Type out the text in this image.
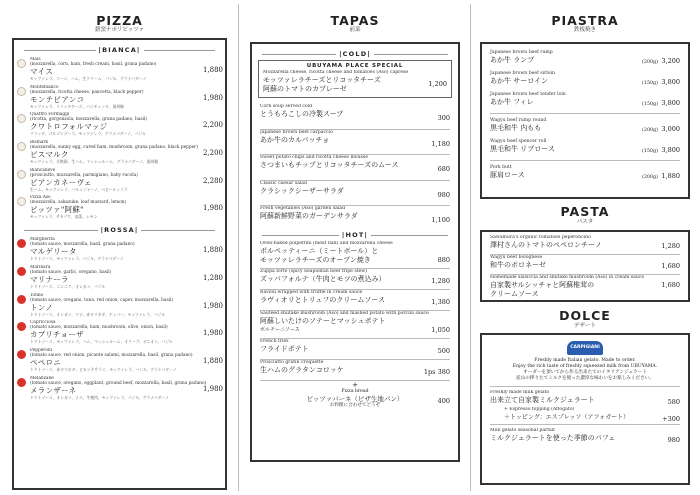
PIZZA
薪窯ナポリピッツァ
|BIANCA|
Mais
(mozzarella, corn, ham, fresh cream, basil, grana padano)
マイス
モッツァレラ、コーン、ハム、生クリーム、バジル、グラナパダーノ
1,880
Montebianco
(mozzarella, ricotta cheese, pancetta, black pepper)
モンテビアンコ
モッツァレラ、リコッタチーズ、パンチェッタ、黒胡椒
1,980
Quattro Formaggi
(ricotta, gorgonzola, mozzarella, grana padano, basil)
クワトロフォルマッジ
リコッタ、ゴルゴンゾーラ、モッツァレラ、グラナパダーノ、バジル
2,200
Bismark
(mozzarella, sunny egg, cured ham, mushroom, grana padano, black pepper)
ビスマルク
モッツァレラ、半熟卵、生ハム、マッシュルーム、グラナパダーノ、黒胡椒
2,200
Biancaneve
(prosciutto, mozzarella, parmigiano, baby rucola)
ビアンカネーヴェ
生ハム、モッツァレラ、パルミジャーノ、ベビールッコラ
2,280
Pizza Aso
(mozzarella, sakazuke, leaf mustard, lemon)
ピッツァ"阿蘇"
モッツァレラ、サカヅケ、高菜、レモン
1,980
|ROSSA|
Margherita
(tomato sauce, mozzarella, basil, grana padano)
マルゲリータ
トマトソース、モッツァレラ、バジル、グラナパダーノ
1,880
Marinara
(tomato sauce, garlic, oregano, basil)
マリナーラ
トマトソース、ニンニク、オレガノ、バジル
1,280
Tonno
(tomato sauce, oregano, tuna, red onion, caper, mozzarella, basil)
トンノ
トマトソース、オレガノ、ツナ、赤タマネギ、ケッパー、モッツァレラ、バジル
1,980
Capricciosa
(tomato sauce, mozzarella, ham, mushroom, olive, onion, basil)
カプリチョーザ
トマトソース、モッツァレラ、ハム、マッシュルーム、オリーブ、オニオン、バジル
1,980
Pepperoni
(tomato sauce, red onion, picante salami, mozzarella, basil, grana padano)
ペペロニ
トマトソース、赤タマネギ、ピカンテサラミ、モッツァレラ、バジル、グラナパダーノ
1,880
Melanzane
(tomato sauce, oregano, eggplant, ground beef, mozzarella, basil, grana padano)
メランザーネ
トマトソース、オレガノ、ナス、牛挽肉、モッツァレラ、バジル、グラナパダーノ
1,980
TAPAS
前菜
|COLD|
UBUYAMA PLACE SPECIAL
Mozzarella cheese, ricotta cheese and tomatoes (Aso) caprese
モッツァレラチーズとリコッタチーズ
阿蘇のトマトのカプレーゼ
1,200
Corn soup served cold
とうもろこしの冷製スープ	300
Japanese brown beef carpaccio
あか牛のカルパッチョ	1,180
Sweet potato chips and ricotta cheese mousse
さつまいもチップとリコッタチーズのムース	680
Classic caesar salad
クラシックシーザーサラダ	980
Fresh vegetables (Aso) garden salad
阿蘇新鮮野菜のガーデンサラダ	1,100
|HOT|
Oven-baked polpettini (meat ball) and mozzarella cheese
ポルペッティーニ（ミートボール）と
モッツァレラチーズのオーブン焼き	880
Zuppa forte (spicy neapolitan beef tripe stew)
ズッパフォルテ（牛肉とモツの煮込み）	1,280
Ravioli wrapped with truffle in cream sauce
ラヴィオリとトリュフのクリームソース	1,380
Sauteed shiitake mushroom (Aso) and mashed potato with porcini sauce
阿蘇しいたけのソテーとマッシュポテト
ポルチーニソース	1,050
French fries
フライドポテト	500
Prosciutto gratin croquette
生ハムのグラタンコロッケ	1ps 380
+
Pizza bread
ピッツァパーネ（ピザ生地パン）
お料理に合わせてどうぞ
400
PIASTRA
鉄板焼き
Japanese brown beef rump
あか牛 ランプ	(200g) 3,200
Japanese brown beef sirloin
あか牛 サーロイン	(150g) 3,800
Japanese brown beef tender loin
あか牛 フィレ	(150g) 3,800
Wagyu beef rump round
黒毛和牛 内もも	(200g) 3,000
Wagyu beef spencer roll
黒毛和牛 リブロース	(150g) 3,800
Pork butt
豚肩ロース	(200g) 1,880
PASTA
パスタ
Sawamura's organic tomatoes peperoncino
澤村さんのトマトのペペロンチーノ	1,280
Wagyu beef bolognese
和牛のボロネーゼ	1,680
Homemade salsiccia and shiitake mushroom (Aso) in cream sauce
自家製サルシッチャと阿蘇椎茸の
クリームソース
1,680
DOLCE
デザート
CARPIGIANI
Freshly made Italian gelato. Made to order.
Enjoy the rich taste of freshly squeezed milk from UBUYAMA.
オーダーを頂いてから作る出来たてのイタリアンジェラート
産山の搾りたてミルクを使った濃厚な味わいをお楽しみください。
Freshly made milk gelato
出来立て自家製ミルクジェラート	580
+ Espresso topping (Affogato)
＋トッピング：エスプレッソ（アフォガート）	+300
Milk gelato seasonal parfait
ミルクジェラートを使った季節のパフェ	980
